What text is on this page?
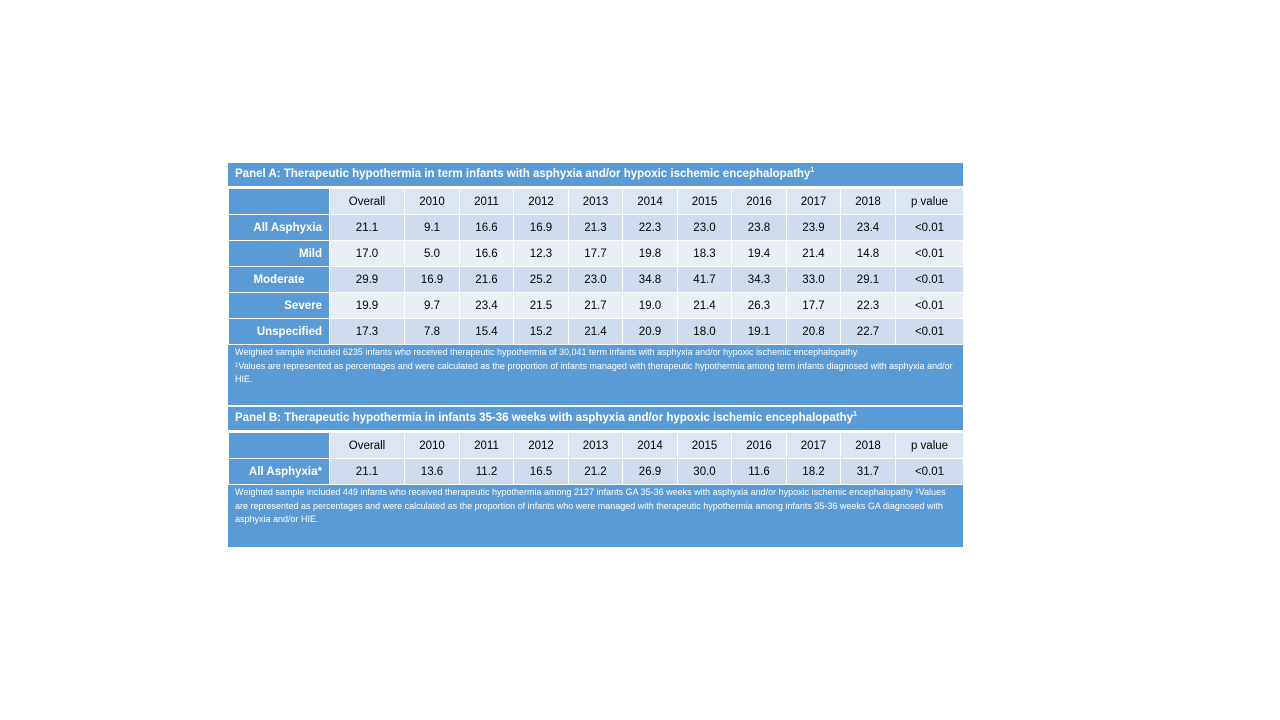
Panel A: Therapeutic hypothermia in term infants with asphyxia and/or hypoxic ischemic encephalopathy$^1$
	Overall	2010	2011	2012	2013	2014	2015	2016	2017	2018	p value
All Asphyxia	21.1	9.1	16.6	16.9	21.3	22.3	23.0	23.8	23.9	23.4	<0.01
Mild	17.0	5.0	16.6	12.3	17.7	19.8	18.3	19.4	21.4	14.8	<0.01
Moderate	29.9	16.9	21.6	25.2	23.0	34.8	41.7	34.3	33.0	29.1	<0.01
Severe	19.9	9.7	23.4	21.5	21.7	19.0	21.4	26.3	17.7	22.3	<0.01
Unspecified	17.3	7.8	15.4	15.2	21.4	20.9	18.0	19.1	20.8	22.7	<0.01
Weighted sample included 6235 infants who received therapeutic hypothermia of 30,041 term infants with asphyxia and/or hypoxic ischemic encephalopathy
$^1$Values are represented as percentages and were calculated as the proportion of infants managed with therapeutic hypothermia among term infants diagnosed with asphyxia and/or HIE.
Panel B: Therapeutic hypothermia in infants 35-36 weeks with asphyxia and/or hypoxic ischemic encephalopathy$^1$
	Overall	2010	2011	2012	2013	2014	2015	2016	2017	2018	p value
All Asphyxia*	21.1	13.6	11.2	16.5	21.2	26.9	30.0	11.6	18.2	31.7	<0.01
Weighted sample included 449 infants who received therapeutic hypothermia among 2127 infants GA 35-36 weeks with asphyxia and/or hypoxic ischemic encephalopathy $^1$Values are represented as percentages and were calculated as the proportion of infants who were managed with therapeutic hypothermia among infants 35-36 weeks GA diagnosed with asphyxia and/or HIE.
